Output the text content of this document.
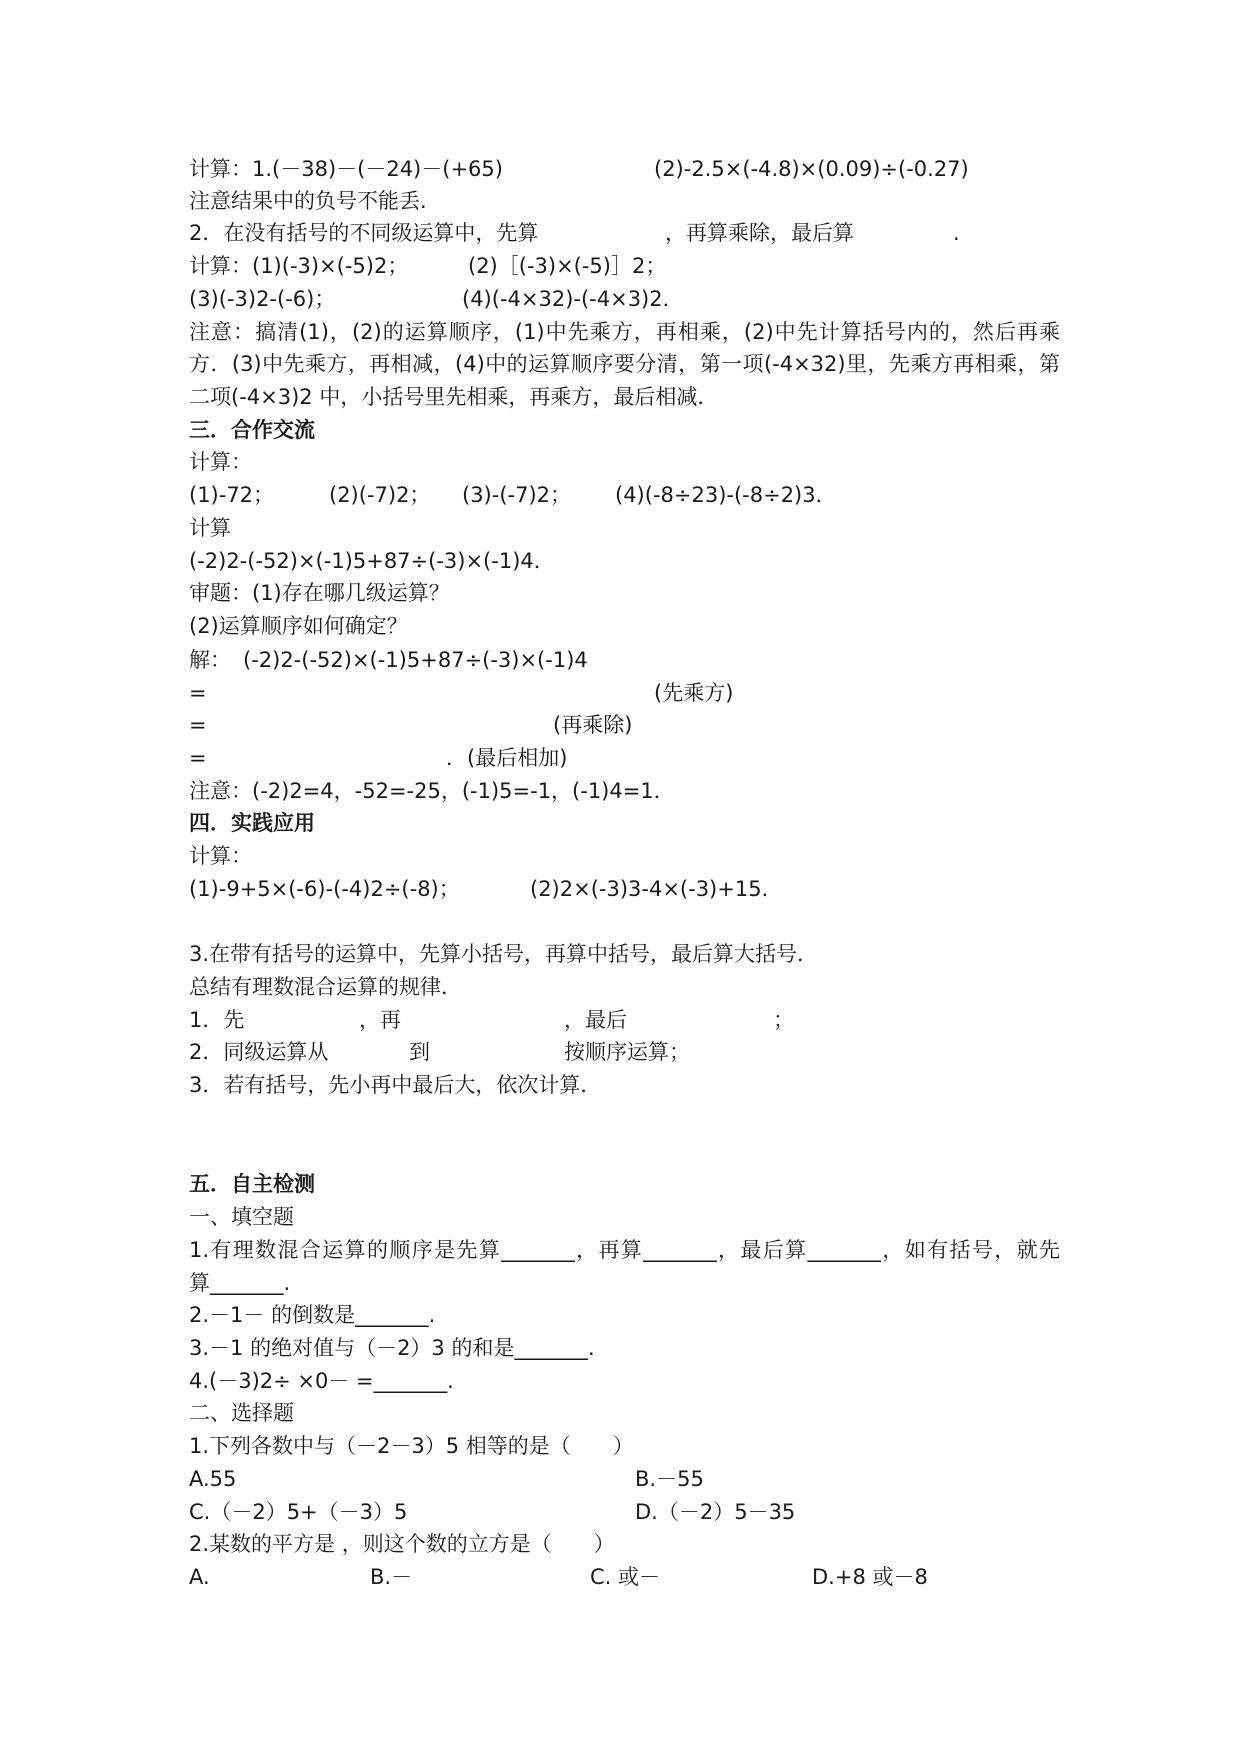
计算：1.(－38)－(－24)－(+65)	(2)-2.5×(-4.8)×(0.09)÷(-0.27)
注意结果中的负号不能丢.
2．在没有括号的不同级运算中，先算	，再算乘除，最后算	.
计算：(1)(-3)×(-5)2；	(2)［(-3)×(-5)］2；
(3)(-3)2-(-6)；	(4)(-4×32)-(-4×3)2．
注意：搞清(1)，(2)的运算顺序，(1)中先乘方，再相乘，(2)中先计算括号内的，然后再乘
方．(3)中先乘方，再相减，(4)中的运算顺序要分清，第一项(-4×32)里，先乘方再相乘，第
二项(-4×3)2 中，小括号里先相乘，再乘方，最后相减．
三．合作交流
计算：
(1)-72；	(2)(-7)2； (3)-(-7)2； (4)(-8÷23)-(-8÷2)3．
计算
(-2)2-(-52)×(-1)5+87÷(-3)×(-1)4．
审题：(1)存在哪几级运算？
(2)运算顺序如何确定？
解： (-2)2-(-52)×(-1)5+87÷(-3)×(-1)4
=	(先乘方)
=	(再乘除)
=	．(最后相加)
注意：(-2)2=4，-52=-25，(-1)5=-1，(-1)4=1．
四．实践应用
计算：
(1)-9+5×(-6)-(-4)2÷(-8)；	(2)2×(-3)3-4×(-3)+15．
3.在带有括号的运算中，先算小括号，再算中括号，最后算大括号．
总结有理数混合运算的规律．
1．先	，再	，最后	；
2．同级运算从	到	按顺序运算；
3．若有括号，先小再中最后大，依次计算．
五．自主检测
一、填空题
1.有理数混合运算的顺序是先算_______，再算_______，最后算_______，如有括号，就先
算_______.
2.－1－ 的倒数是_______.
3.－1 的绝对值与（－2）3 的和是_______.
4.(－3)2÷ ×0－ =_______.
二、选择题
1.下列各数中与（－2－3）5 相等的是（　　）
A.55	B.－55
C.（－2）5+（－3）5	D.（－2）5－35
2.某数的平方是 ，则这个数的立方是（　　）
A.	B.－	C. 或－	D.+8 或－8
